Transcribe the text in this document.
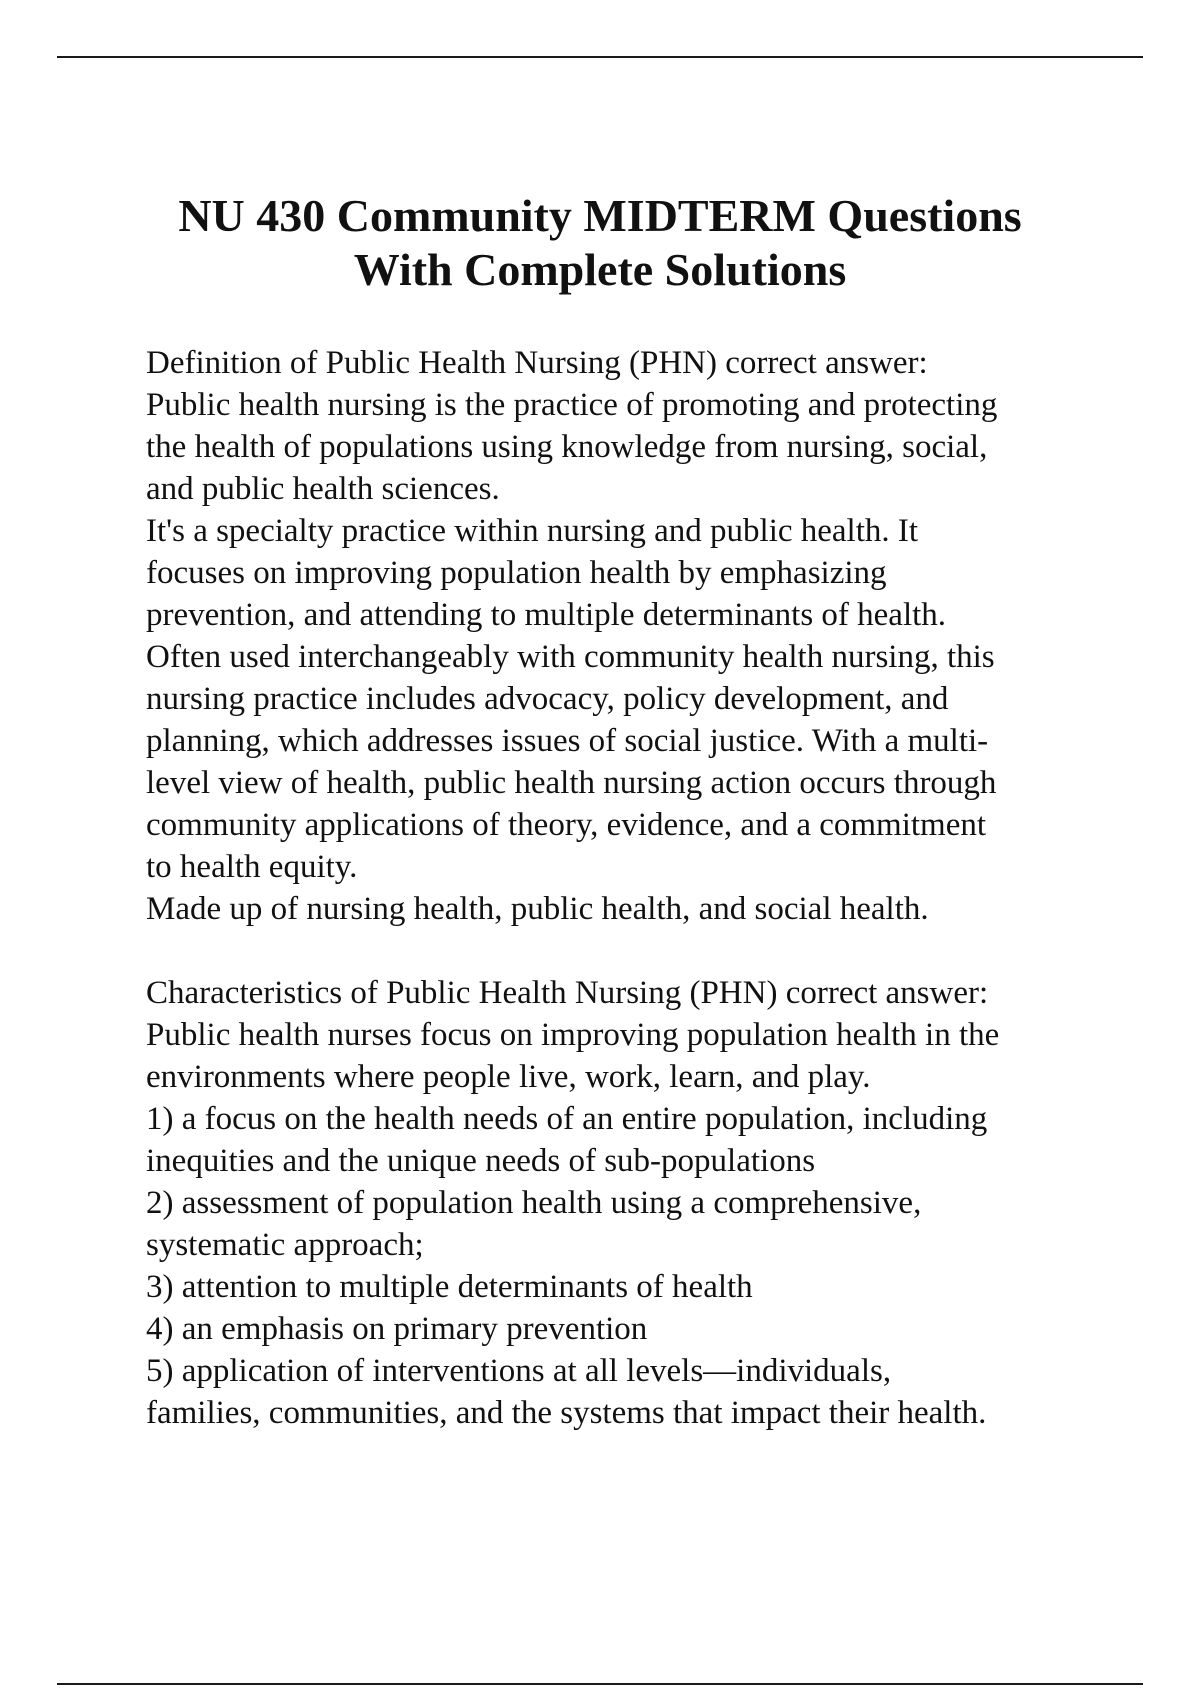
NU 430 Community MIDTERM Questions
With Complete Solutions

Definition of Public Health Nursing (PHN) correct answer:
Public health nursing is the practice of promoting and protecting
the health of populations using knowledge from nursing, social,
and public health sciences.
It's a specialty practice within nursing and public health. It
focuses on improving population health by emphasizing
prevention, and attending to multiple determinants of health.
Often used interchangeably with community health nursing, this
nursing practice includes advocacy, policy development, and
planning, which addresses issues of social justice. With a multi-
level view of health, public health nursing action occurs through
community applications of theory, evidence, and a commitment
to health equity.
Made up of nursing health, public health, and social health.

Characteristics of Public Health Nursing (PHN) correct answer:
Public health nurses focus on improving population health in the
environments where people live, work, learn, and play.
1) a focus on the health needs of an entire population, including
inequities and the unique needs of sub-populations
2) assessment of population health using a comprehensive,
systematic approach;
3) attention to multiple determinants of health
4) an emphasis on primary prevention
5) application of interventions at all levels—individuals,
families, communities, and the systems that impact their health.
